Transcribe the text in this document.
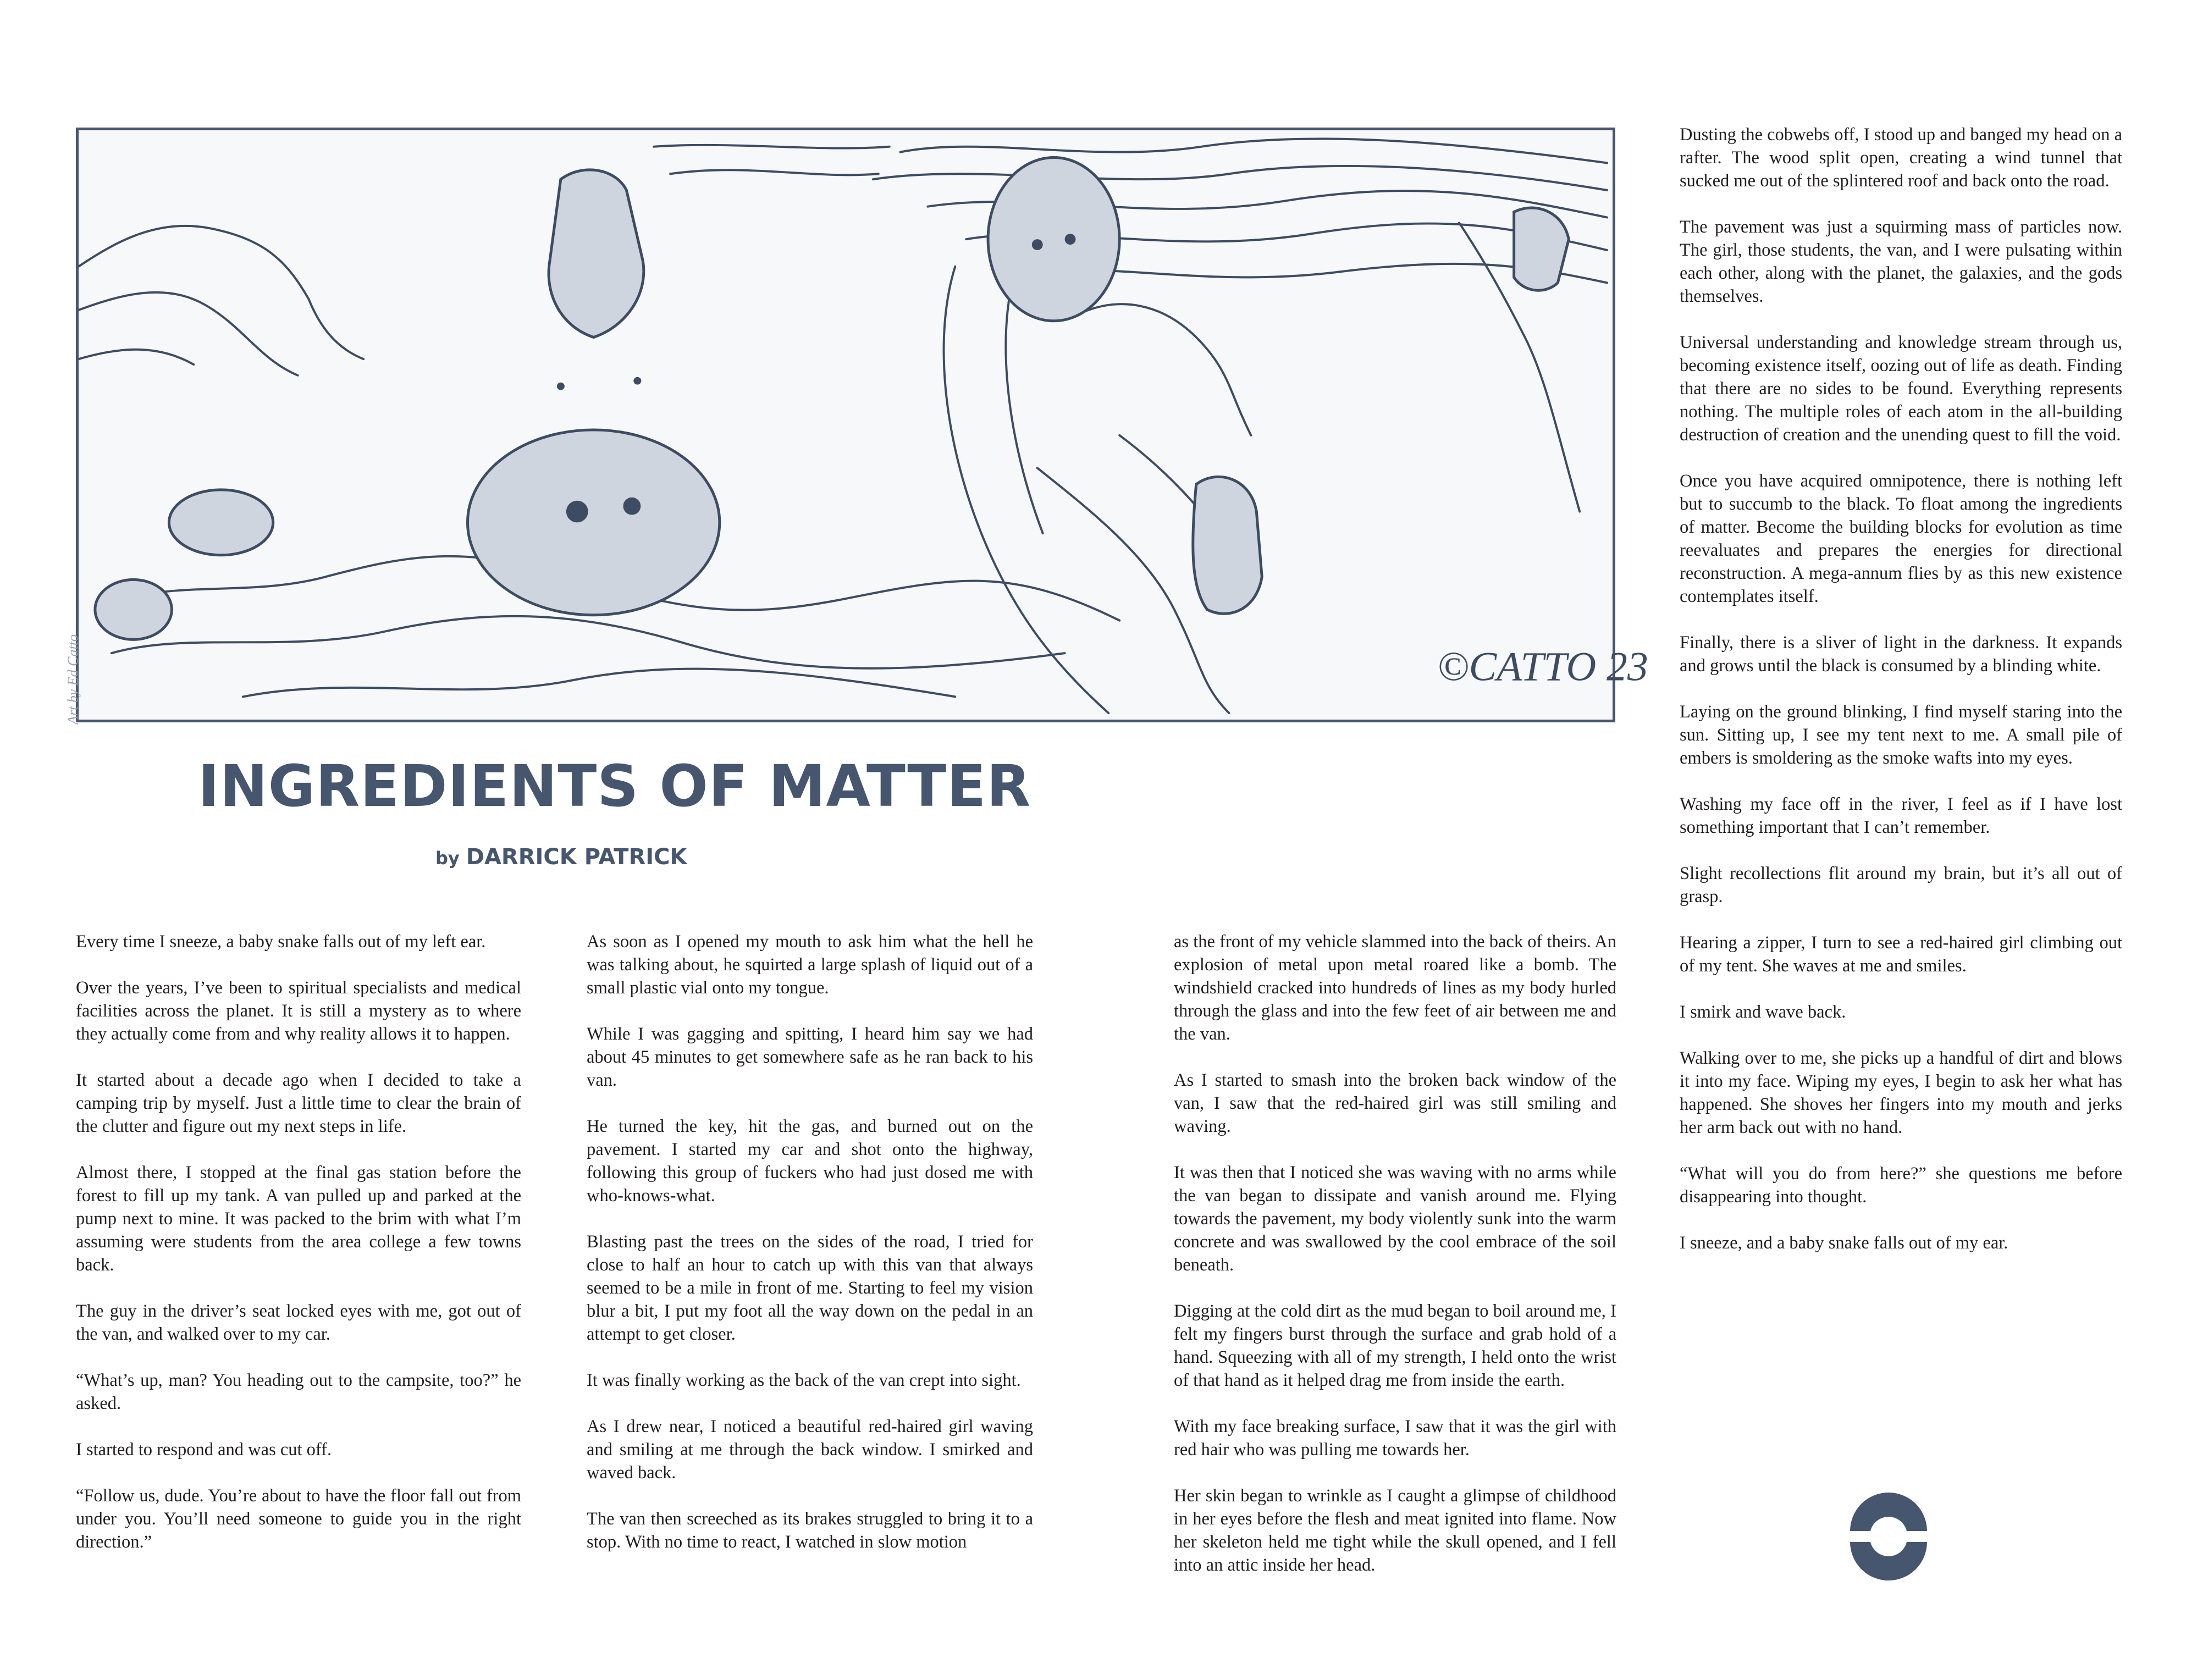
©CATTO 23
Art by Ed Catto
INGREDIENTS OF MATTER
by DARRICK PATRICK

Every time I sneeze, a baby snake falls out of my left ear.

Over the years, I’ve been to spiritual specialists and medical facilities across the planet. It is still a mystery as to where they actually come from and why reality allows it to happen.

It started about a decade ago when I decided to take a camping trip by myself. Just a little time to clear the brain of the clutter and figure out my next steps in life.

Almost there, I stopped at the final gas station before the forest to fill up my tank. A van pulled up and parked at the pump next to mine. It was packed to the brim with what I’m assuming were students from the area college a few towns back.

The guy in the driver’s seat locked eyes with me, got out of the van, and walked over to my car.

“What’s up, man? You heading out to the campsite, too?” he asked.

I started to respond and was cut off.

“Follow us, dude. You’re about to have the floor fall out from under you. You’ll need someone to guide you in the right direction.”

As soon as I opened my mouth to ask him what the hell he was talking about, he squirted a large splash of liquid out of a small plastic vial onto my tongue.

While I was gagging and spitting, I heard him say we had about 45 minutes to get somewhere safe as he ran back to his van.

He turned the key, hit the gas, and burned out on the pavement. I started my car and shot onto the highway, following this group of fuckers who had just dosed me with who-knows-what.

Blasting past the trees on the sides of the road, I tried for close to half an hour to catch up with this van that always seemed to be a mile in front of me. Starting to feel my vision blur a bit, I put my foot all the way down on the pedal in an attempt to get closer.

It was finally working as the back of the van crept into sight.

As I drew near, I noticed a beautiful red-haired girl waving and smiling at me through the back window. I smirked and waved back.

The van then screeched as its brakes struggled to bring it to a stop. With no time to react, I watched in slow motion

as the front of my vehicle slammed into the back of theirs. An explosion of metal upon metal roared like a bomb. The windshield cracked into hundreds of lines as my body hurled through the glass and into the few feet of air between me and the van.

As I started to smash into the broken back window of the van, I saw that the red-haired girl was still smiling and waving.

It was then that I noticed she was waving with no arms while the van began to dissipate and vanish around me. Flying towards the pavement, my body violently sunk into the warm concrete and was swallowed by the cool embrace of the soil beneath.

Digging at the cold dirt as the mud began to boil around me, I felt my fingers burst through the surface and grab hold of a hand. Squeezing with all of my strength, I held onto the wrist of that hand as it helped drag me from inside the earth.

With my face breaking surface, I saw that it was the girl with red hair who was pulling me towards her.

Her skin began to wrinkle as I caught a glimpse of childhood in her eyes before the flesh and meat ignited into flame. Now her skeleton held me tight while the skull opened, and I fell into an attic inside her head.

Dusting the cobwebs off, I stood up and banged my head on a rafter. The wood split open, creating a wind tunnel that sucked me out of the splintered roof and back onto the road.

The pavement was just a squirming mass of particles now. The girl, those students, the van, and I were pulsating within each other, along with the planet, the galaxies, and the gods themselves.

Universal understanding and knowledge stream through us, becoming existence itself, oozing out of life as death. Finding that there are no sides to be found. Everything represents nothing. The multiple roles of each atom in the all-building destruction of creation and the unending quest to fill the void.

Once you have acquired omnipotence, there is nothing left but to succumb to the black. To float among the ingredients of matter. Become the building blocks for evolution as time reevaluates and prepares the energies for directional reconstruction. A mega-annum flies by as this new existence contemplates itself.

Finally, there is a sliver of light in the darkness. It expands and grows until the black is consumed by a blinding white.

Laying on the ground blinking, I find myself staring into the sun. Sitting up, I see my tent next to me. A small pile of embers is smoldering as the smoke wafts into my eyes.

Washing my face off in the river, I feel as if I have lost something important that I can’t remember.

Slight recollections flit around my brain, but it’s all out of grasp.

Hearing a zipper, I turn to see a red-haired girl climbing out of my tent. She waves at me and smiles.

I smirk and wave back.

Walking over to me, she picks up a handful of dirt and blows it into my face. Wiping my eyes, I begin to ask her what has happened. She shoves her fingers into my mouth and jerks her arm back out with no hand.

“What will you do from here?” she questions me before disappearing into thought.

I sneeze, and a baby snake falls out of my ear.
